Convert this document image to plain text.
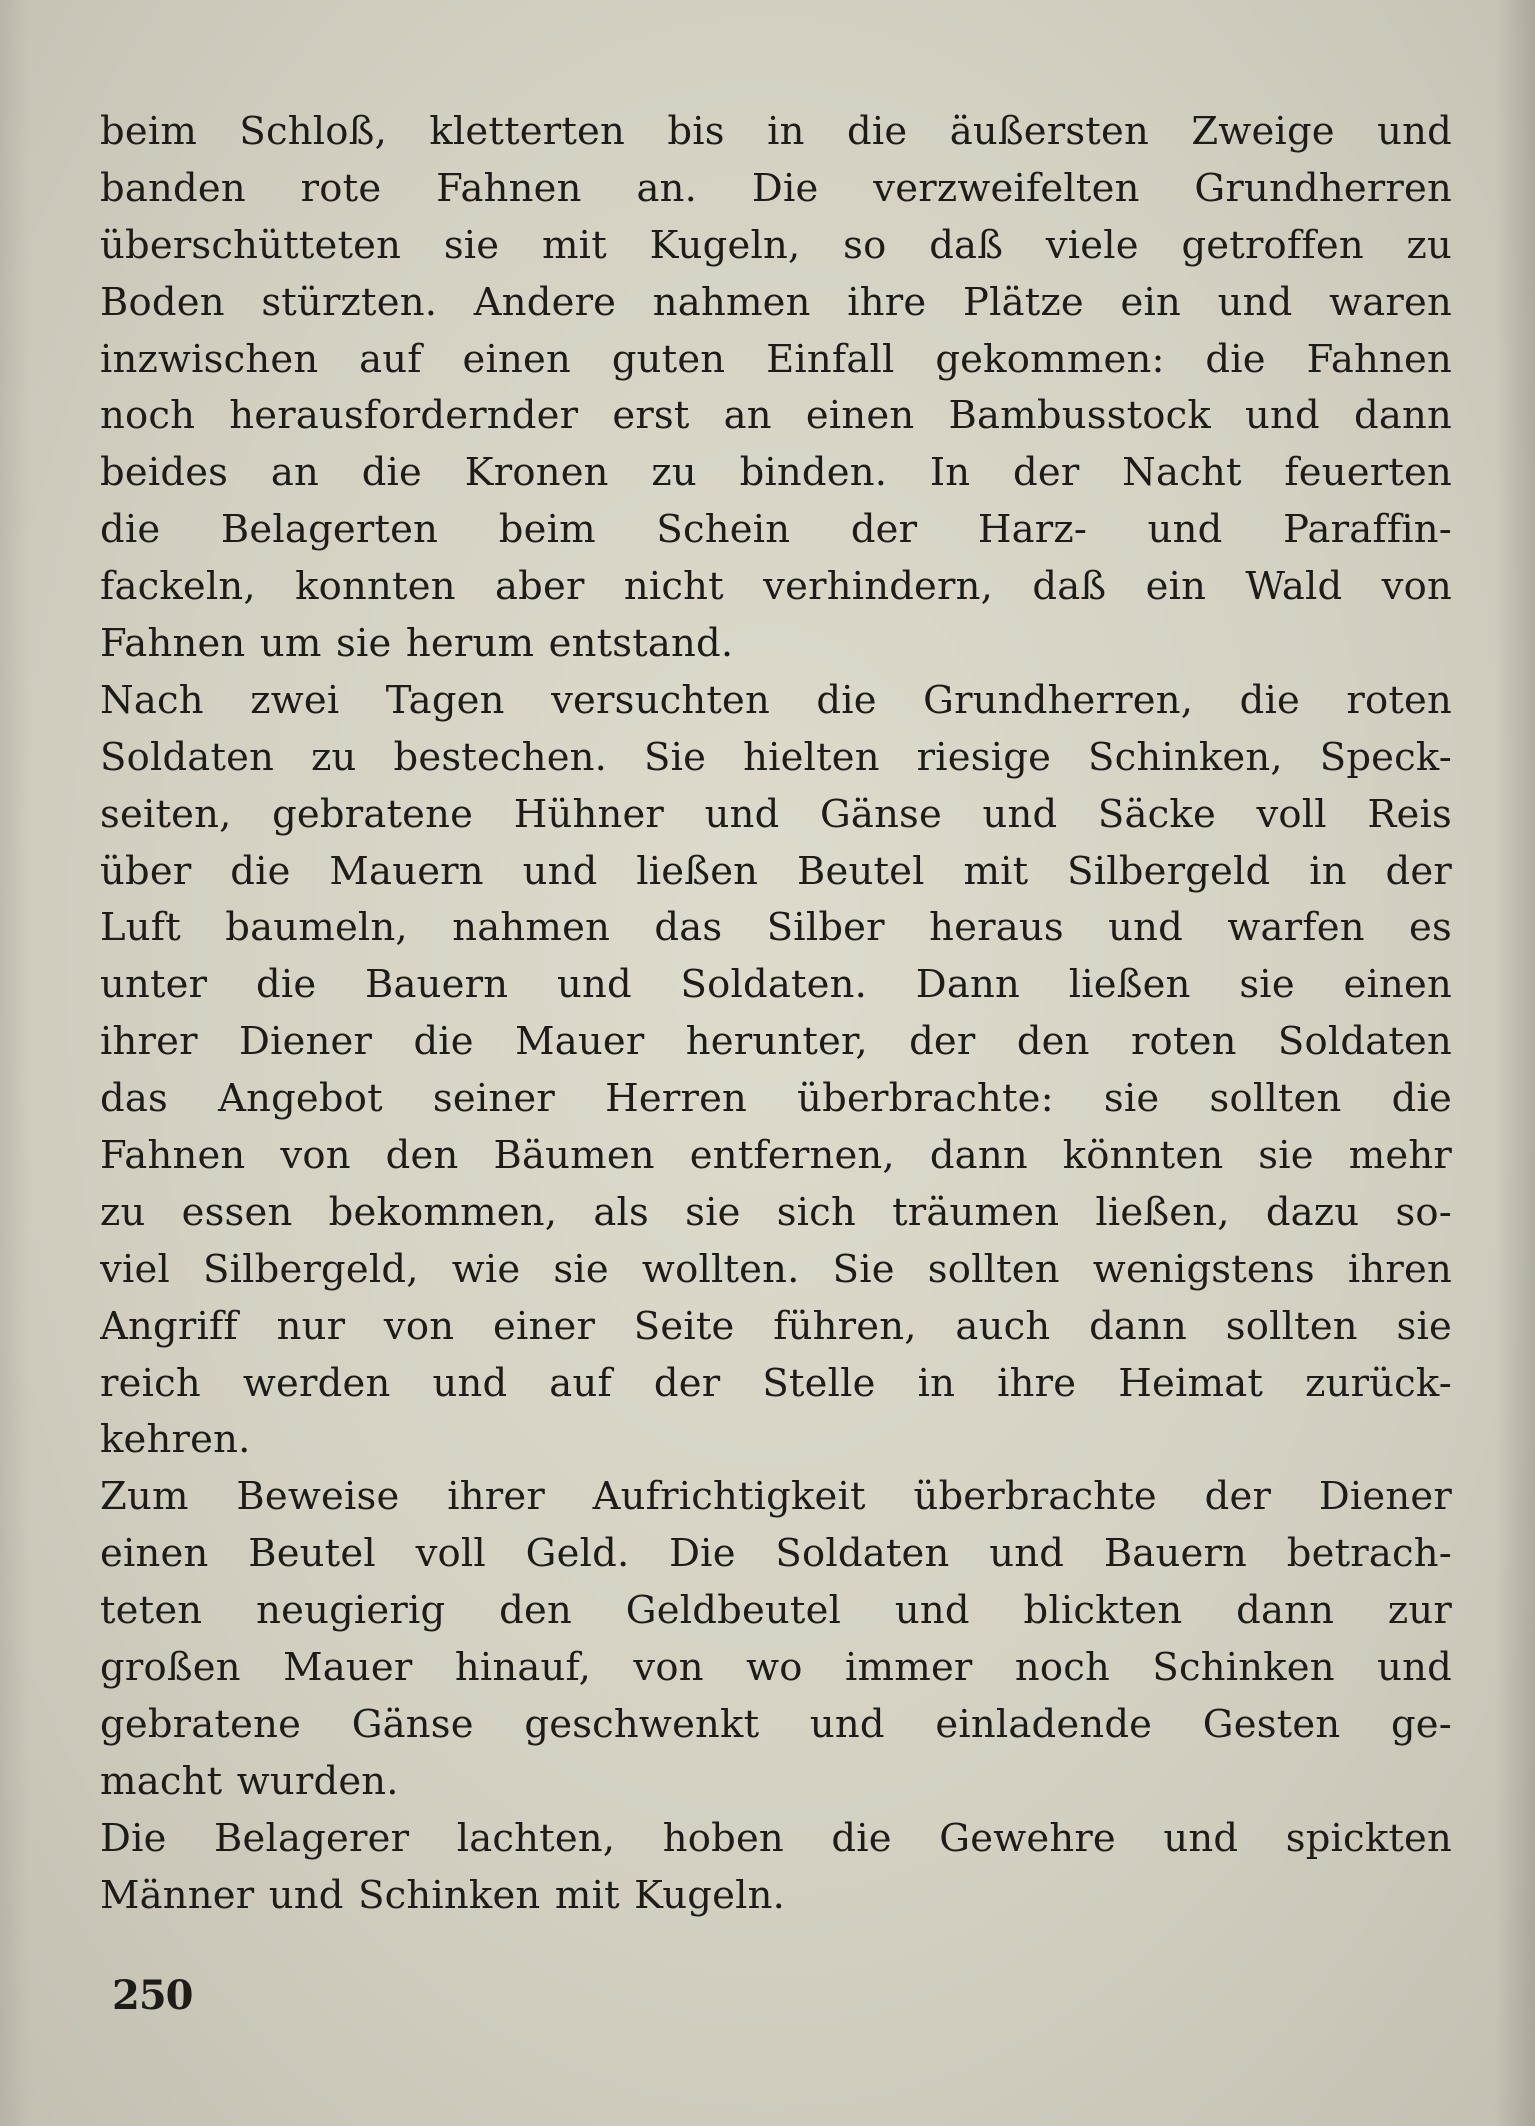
beim Schloß, kletterten bis in die äußersten Zweige und
banden rote Fahnen an. Die verzweifelten Grundherren
überschütteten sie mit Kugeln, so daß viele getroffen zu
Boden stürzten. Andere nahmen ihre Plätze ein und waren
inzwischen auf einen guten Einfall gekommen: die Fahnen
noch herausfordernder erst an einen Bambusstock und dann
beides an die Kronen zu binden. In der Nacht feuerten
die Belagerten beim Schein der Harz- und Paraffin-
fackeln, konnten aber nicht verhindern, daß ein Wald von
Fahnen um sie herum entstand.
Nach zwei Tagen versuchten die Grundherren, die roten
Soldaten zu bestechen. Sie hielten riesige Schinken, Speck-
seiten, gebratene Hühner und Gänse und Säcke voll Reis
über die Mauern und ließen Beutel mit Silbergeld in der
Luft baumeln, nahmen das Silber heraus und warfen es
unter die Bauern und Soldaten. Dann ließen sie einen
ihrer Diener die Mauer herunter, der den roten Soldaten
das Angebot seiner Herren überbrachte: sie sollten die
Fahnen von den Bäumen entfernen, dann könnten sie mehr
zu essen bekommen, als sie sich träumen ließen, dazu so-
viel Silbergeld, wie sie wollten. Sie sollten wenigstens ihren
Angriff nur von einer Seite führen, auch dann sollten sie
reich werden und auf der Stelle in ihre Heimat zurück-
kehren.
Zum Beweise ihrer Aufrichtigkeit überbrachte der Diener
einen Beutel voll Geld. Die Soldaten und Bauern betrach-
teten neugierig den Geldbeutel und blickten dann zur
großen Mauer hinauf, von wo immer noch Schinken und
gebratene Gänse geschwenkt und einladende Gesten ge-
macht wurden.
Die Belagerer lachten, hoben die Gewehre und spickten
Männer und Schinken mit Kugeln.
250
